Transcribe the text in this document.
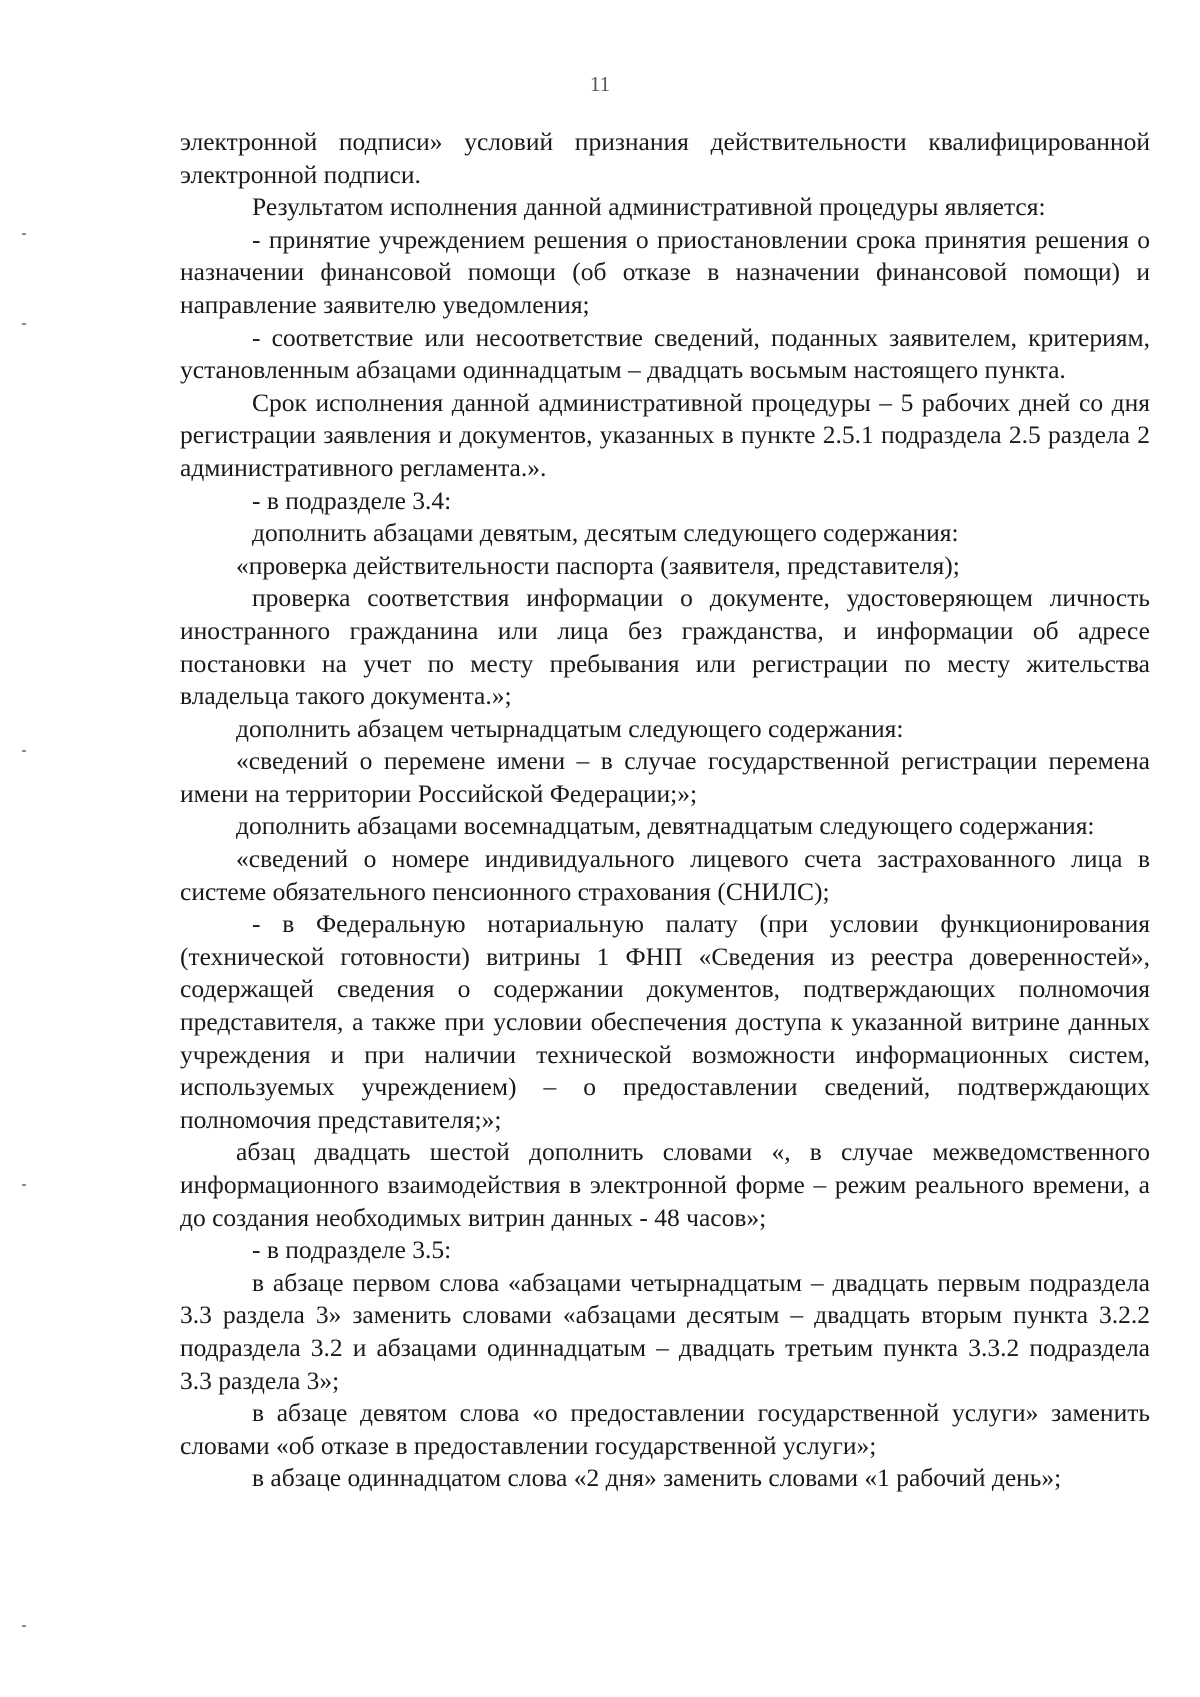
11

электронной подписи» условий признания действительности квалифицированной электронной подписи.

Результатом исполнения данной административной процедуры является:

- принятие учреждением решения о приостановлении срока принятия решения о назначении финансовой помощи (об отказе в назначении финансовой помощи) и направление заявителю уведомления;

- соответствие или несоответствие сведений, поданных заявителем, критериям, установленным абзацами одиннадцатым – двадцать восьмым настоящего пункта.

Срок исполнения данной административной процедуры – 5 рабочих дней со дня регистрации заявления и документов, указанных в пункте 2.5.1 подраздела 2.5 раздела 2 административного регламента.».

- в подразделе 3.4:

дополнить абзацами девятым, десятым следующего содержания:

«проверка действительности паспорта (заявителя, представителя);

проверка соответствия информации о документе, удостоверяющем личность иностранного гражданина или лица без гражданства, и информации об адресе постановки на учет по месту пребывания или регистрации по месту жительства владельца такого документа.»;

дополнить абзацем четырнадцатым следующего содержания:

«сведений о перемене имени – в случае государственной регистрации перемена имени на территории Российской Федерации;»;

дополнить абзацами восемнадцатым, девятнадцатым следующего содержания:

«сведений о номере индивидуального лицевого счета застрахованного лица в системе обязательного пенсионного страхования (СНИЛС);

- в Федеральную нотариальную палату (при условии функционирования (технической готовности) витрины 1 ФНП «Сведения из реестра доверенностей», содержащей сведения о содержании документов, подтверждающих полномочия представителя, а также при условии обеспечения доступа к указанной витрине данных учреждения и при наличии технической возможности информационных систем, используемых учреждением) – о предоставлении сведений, подтверждающих полномочия представителя;»;

абзац двадцать шестой дополнить словами «, в случае межведомственного информационного взаимодействия в электронной форме – режим реального времени, а до создания необходимых витрин данных - 48 часов»;

- в подразделе 3.5:

в абзаце первом слова «абзацами четырнадцатым – двадцать первым подраздела 3.3 раздела 3» заменить словами «абзацами десятым – двадцать вторым пункта 3.2.2 подраздела 3.2 и абзацами одиннадцатым – двадцать третьим пункта 3.3.2 подраздела 3.3 раздела 3»;

в абзаце девятом слова «о предоставлении государственной услуги» заменить словами «об отказе в предоставлении государственной услуги»;

в абзаце одиннадцатом слова «2 дня» заменить словами «1 рабочий день»;
